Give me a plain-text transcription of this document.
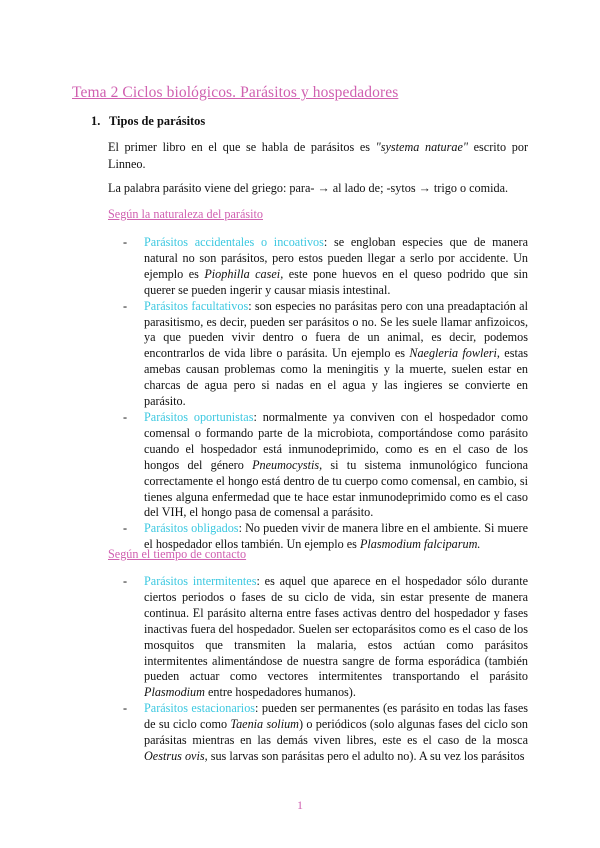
Tema 2 Ciclos biológicos. Parásitos y hospedadores
1. Tipos de parásitos
El primer libro en el que se habla de parásitos es "systema naturae" escrito por Linneo.
La palabra parásito viene del griego: para- → al lado de; -sytos → trigo o comida.
Según la naturaleza del parásito
- Parásitos accidentales o incoativos: se engloban especies que de manera natural no son parásitos, pero estos pueden llegar a serlo por accidente. Un ejemplo es Piophilla casei, este pone huevos en el queso podrido que sin querer se pueden ingerir y causar miasis intestinal.
- Parásitos facultativos: son especies no parásitas pero con una preadaptación al parasitismo, es decir, pueden ser parásitos o no. Se les suele llamar anfizoicos, ya que pueden vivir dentro o fuera de un animal, es decir, podemos encontrarlos de vida libre o parásita. Un ejemplo es Naegleria fowleri, estas amebas causan problemas como la meningitis y la muerte, suelen estar en charcas de agua pero si nadas en el agua y las ingieres se convierte en parásito.
- Parásitos oportunistas: normalmente ya conviven con el hospedador como comensal o formando parte de la microbiota, comportándose como parásito cuando el hospedador está inmunodeprimido, como es en el caso de los hongos del género Pneumocystis, si tu sistema inmunológico funciona correctamente el hongo está dentro de tu cuerpo como comensal, en cambio, si tienes alguna enfermedad que te hace estar inmunodeprimido como es el caso del VIH, el hongo pasa de comensal a parásito.
- Parásitos obligados: No pueden vivir de manera libre en el ambiente. Si muere el hospedador ellos también. Un ejemplo es Plasmodium falciparum.
Según el tiempo de contacto
- Parásitos intermitentes: es aquel que aparece en el hospedador sólo durante ciertos periodos o fases de su ciclo de vida, sin estar presente de manera continua. El parásito alterna entre fases activas dentro del hospedador y fases inactivas fuera del hospedador. Suelen ser ectoparásitos como es el caso de los mosquitos que transmiten la malaria, estos actúan como parásitos intermitentes alimentándose de nuestra sangre de forma esporádica (también pueden actuar como vectores intermitentes transportando el parásito Plasmodium entre hospedadores humanos).
- Parásitos estacionarios: pueden ser permanentes (es parásito en todas las fases de su ciclo como Taenia solium) o periódicos (solo algunas fases del ciclo son parásitas mientras en las demás viven libres, este es el caso de la mosca Oestrus ovis, sus larvas son parásitas pero el adulto no). A su vez los parásitos
1
